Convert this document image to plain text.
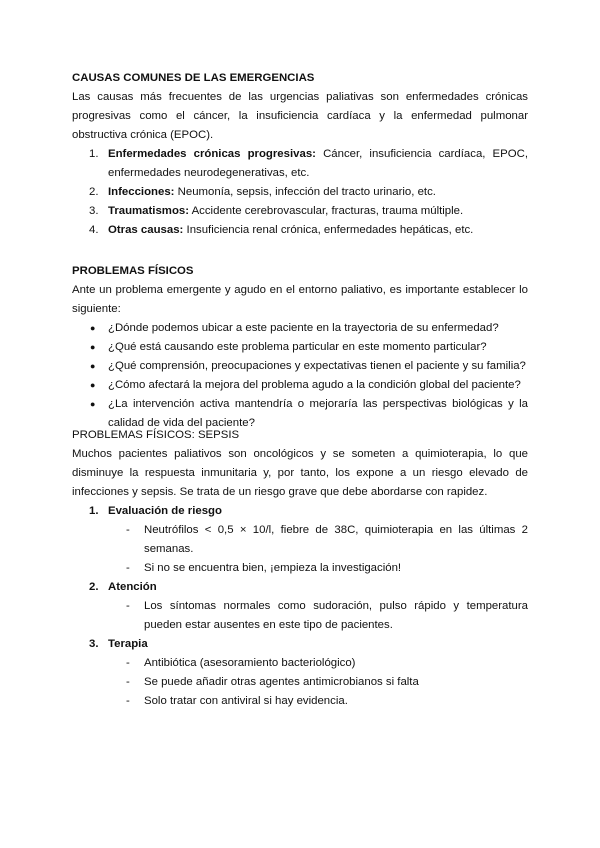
CAUSAS COMUNES DE LAS EMERGENCIAS

Las causas más frecuentes de las urgencias paliativas son enfermedades crónicas progresivas como el cáncer, la insuficiencia cardíaca y la enfermedad pulmonar obstructiva crónica (EPOC).

1. Enfermedades crónicas progresivas: Cáncer, insuficiencia cardíaca, EPOC, enfermedades neurodegenerativas, etc.
2. Infecciones: Neumonía, sepsis, infección del tracto urinario, etc.
3. Traumatismos: Accidente cerebrovascular, fracturas, trauma múltiple.
4. Otras causas: Insuficiencia renal crónica, enfermedades hepáticas, etc.
PROBLEMAS FÍSICOS

Ante un problema emergente y agudo en el entorno paliativo, es importante establecer lo siguiente:

● ¿Dónde podemos ubicar a este paciente en la trayectoria de su enfermedad?
● ¿Qué está causando este problema particular en este momento particular?
● ¿Qué comprensión, preocupaciones y expectativas tienen el paciente y su familia?
● ¿Cómo afectará la mejora del problema agudo a la condición global del paciente?
● ¿La intervención activa mantendría o mejoraría las perspectivas biológicas y la calidad de vida del paciente?
PROBLEMAS FÍSICOS: SEPSIS

Muchos pacientes paliativos son oncológicos y se someten a quimioterapia, lo que disminuye la respuesta inmunitaria y, por tanto, los expone a un riesgo elevado de infecciones y sepsis. Se trata de un riesgo grave que debe abordarse con rapidez.

1. Evaluación de riesgo
- Neutrófilos < 0,5 × 10/l, fiebre de 38C, quimioterapia en las últimas 2 semanas.
- Si no se encuentra bien, ¡empieza la investigación!
2. Atención
- Los síntomas normales como sudoración, pulso rápido y temperatura pueden estar ausentes en este tipo de pacientes.
3. Terapia
- Antibiótica (asesoramiento bacteriológico)
- Se puede añadir otras agentes antimicrobianos si falta
- Solo tratar con antiviral si hay evidencia.
